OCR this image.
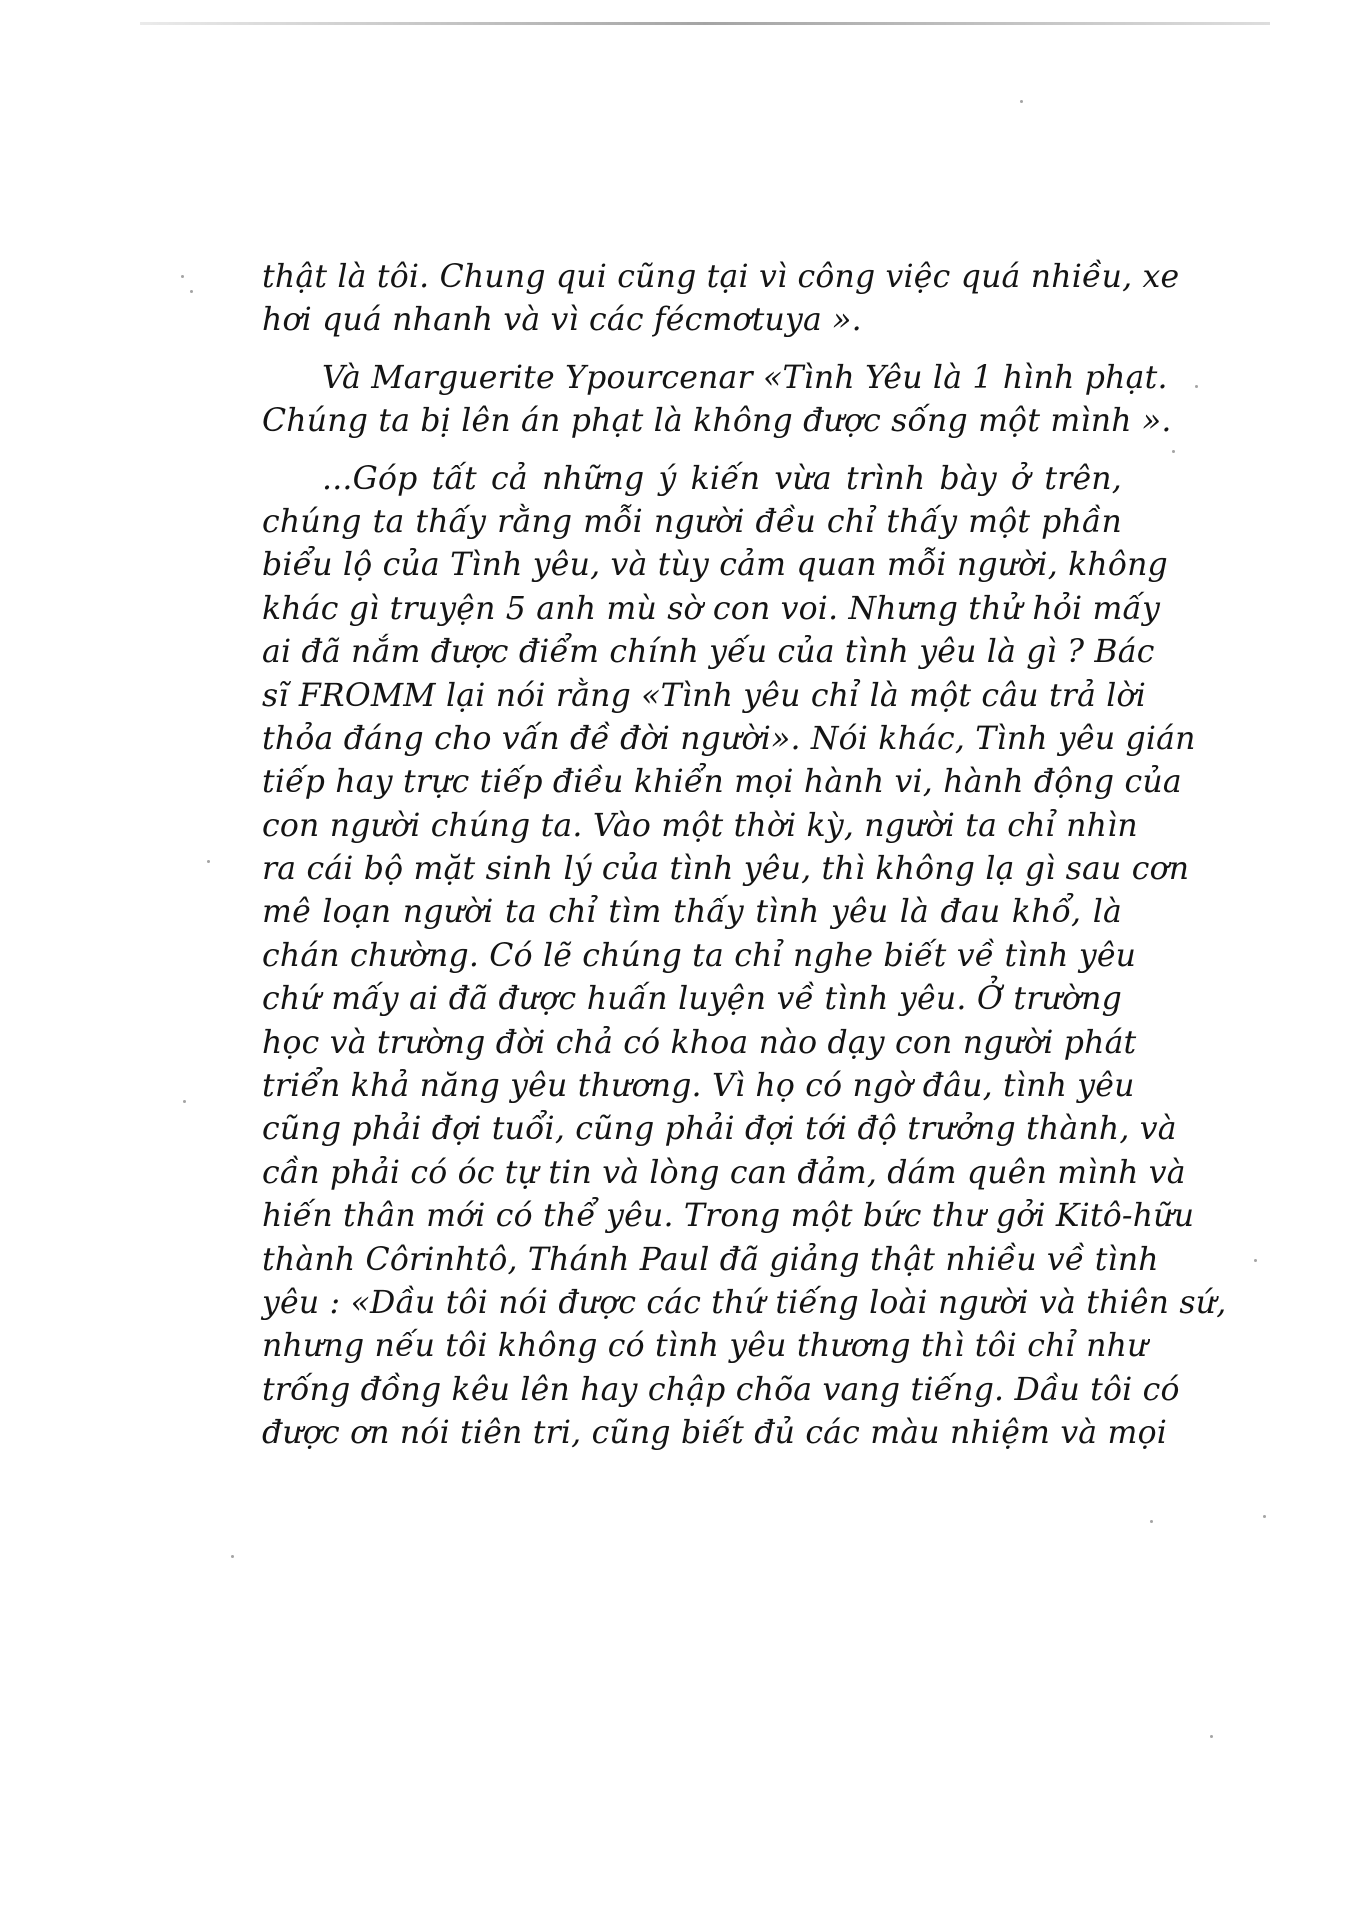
thật là tôi. Chung qui cũng tại vì công việc quá nhiều, xe
hơi quá nhanh và vì các fécmơtuya ».
Và Marguerite Ypourcenar «Tình Yêu là 1 hình phạt.
Chúng ta bị lên án phạt là không được sống một mình ».
...Góp tất cả những ý kiến vừa trình bày ở trên,
chúng ta thấy rằng mỗi người đều chỉ thấy một phần
biểu lộ của Tình yêu, và tùy cảm quan mỗi người, không
khác gì truyện 5 anh mù sờ con voi. Nhưng thử hỏi mấy
ai đã nắm được điểm chính yếu của tình yêu là gì ? Bác
sĩ FROMM lại nói rằng «Tình yêu chỉ là một câu trả lời
thỏa đáng cho vấn đề đời người». Nói khác, Tình yêu gián
tiếp hay trực tiếp điều khiển mọi hành vi, hành động của
con người chúng ta. Vào một thời kỳ, người ta chỉ nhìn
ra cái bộ mặt sinh lý của tình yêu, thì không lạ gì sau cơn
mê loạn người ta chỉ tìm thấy tình yêu là đau khổ, là
chán chường. Có lẽ chúng ta chỉ nghe biết về tình yêu
chứ mấy ai đã được huấn luyện về tình yêu. Ở trường
học và trường đời chả có khoa nào dạy con người phát
triển khả năng yêu thương. Vì họ có ngờ đâu, tình yêu
cũng phải đợi tuổi, cũng phải đợi tới độ trưởng thành, và
cần phải có óc tự tin và lòng can đảm, dám quên mình và
hiến thân mới có thể yêu. Trong một bức thư gởi Kitô-hữu
thành Côrinhtô, Thánh Paul đã giảng thật nhiều về tình
yêu : «Dầu tôi nói được các thứ tiếng loài người và thiên sứ,
nhưng nếu tôi không có tình yêu thương thì tôi chỉ như
trống đồng kêu lên hay chập chõa vang tiếng. Dầu tôi có
được ơn nói tiên tri, cũng biết đủ các màu nhiệm và mọi
